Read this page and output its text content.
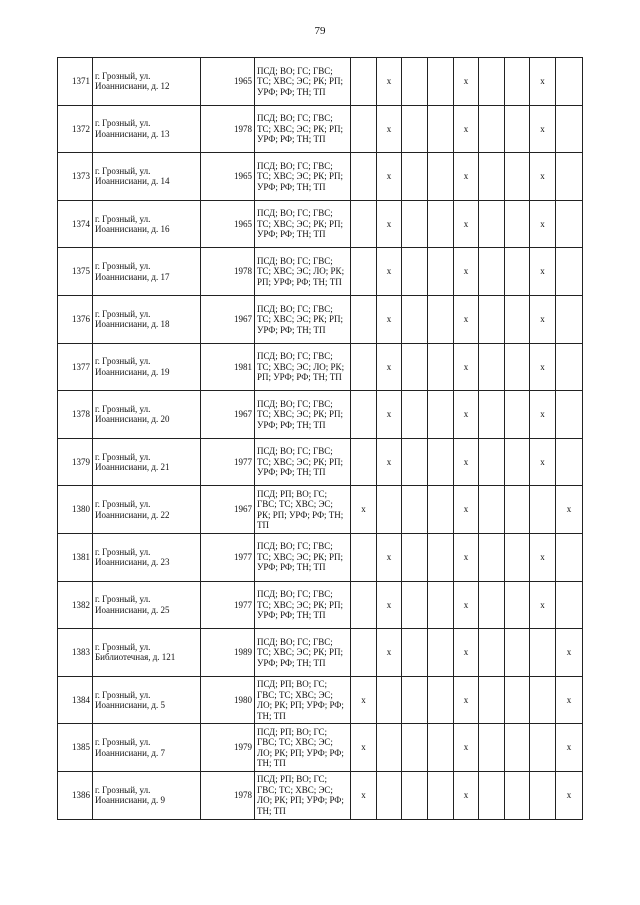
79
1371	г. Грозный, ул. Иоаннисиани, д. 12	1965	ПСД; ВО; ГС; ГВС; ТС; ХВС; ЭС; РК; РП; УРФ; РФ; ТН; ТП		x			x			x	
1372	г. Грозный, ул. Иоаннисиани, д. 13	1978	ПСД; ВО; ГС; ГВС; ТС; ХВС; ЭС; РК; РП; УРФ; РФ; ТН; ТП		x			x			x	
1373	г. Грозный, ул. Иоаннисиани, д. 14	1965	ПСД; ВО; ГС; ГВС; ТС; ХВС; ЭС; РК; РП; УРФ; РФ; ТН; ТП		x			x			x	
1374	г. Грозный, ул. Иоаннисиани, д. 16	1965	ПСД; ВО; ГС; ГВС; ТС; ХВС; ЭС; РК; РП; УРФ; РФ; ТН; ТП		x			x			x	
1375	г. Грозный, ул. Иоаннисиани, д. 17	1978	ПСД; ВО; ГС; ГВС; ТС; ХВС; ЭС; ЛО; РК; РП; УРФ; РФ; ТН; ТП		x			x			x	
1376	г. Грозный, ул. Иоаннисиани, д. 18	1967	ПСД; ВО; ГС; ГВС; ТС; ХВС; ЭС; РК; РП; УРФ; РФ; ТН; ТП		x			x			x	
1377	г. Грозный, ул. Иоаннисиани, д. 19	1981	ПСД; ВО; ГС; ГВС; ТС; ХВС; ЭС; ЛО; РК; РП; УРФ; РФ; ТН; ТП		x			x			x	
1378	г. Грозный, ул. Иоаннисиани, д. 20	1967	ПСД; ВО; ГС; ГВС; ТС; ХВС; ЭС; РК; РП; УРФ; РФ; ТН; ТП		x			x			x	
1379	г. Грозный, ул. Иоаннисиани, д. 21	1977	ПСД; ВО; ГС; ГВС; ТС; ХВС; ЭС; РК; РП; УРФ; РФ; ТН; ТП		x			x			x	
1380	г. Грозный, ул. Иоаннисиани, д. 22	1967	ПСД; РП; ВО; ГС; ГВС; ТС; ХВС; ЭС; РК; РП; УРФ; РФ; ТН; ТП	x				x				x
1381	г. Грозный, ул. Иоаннисиани, д. 23	1977	ПСД; ВО; ГС; ГВС; ТС; ХВС; ЭС; РК; РП; УРФ; РФ; ТН; ТП		x			x			x	
1382	г. Грозный, ул. Иоаннисиани, д. 25	1977	ПСД; ВО; ГС; ГВС; ТС; ХВС; ЭС; РК; РП; УРФ; РФ; ТН; ТП		x			x			x	
1383	г. Грозный, ул. Библиотечная, д. 121	1989	ПСД; ВО; ГС; ГВС; ТС; ХВС; ЭС; РК; РП; УРФ; РФ; ТН; ТП		x			x				x
1384	г. Грозный, ул. Иоаннисиани, д. 5	1980	ПСД; РП; ВО; ГС; ГВС; ТС; ХВС; ЭС; ЛО; РК; РП; УРФ; РФ; ТН; ТП	x				x				x
1385	г. Грозный, ул. Иоаннисиани, д. 7	1979	ПСД; РП; ВО; ГС; ГВС; ТС; ХВС; ЭС; ЛО; РК; РП; УРФ; РФ; ТН; ТП	x				x				x
1386	г. Грозный, ул. Иоаннисиани, д. 9	1978	ПСД; РП; ВО; ГС; ГВС; ТС; ХВС; ЭС; ЛО; РК; РП; УРФ; РФ; ТН; ТП	x				x				x
